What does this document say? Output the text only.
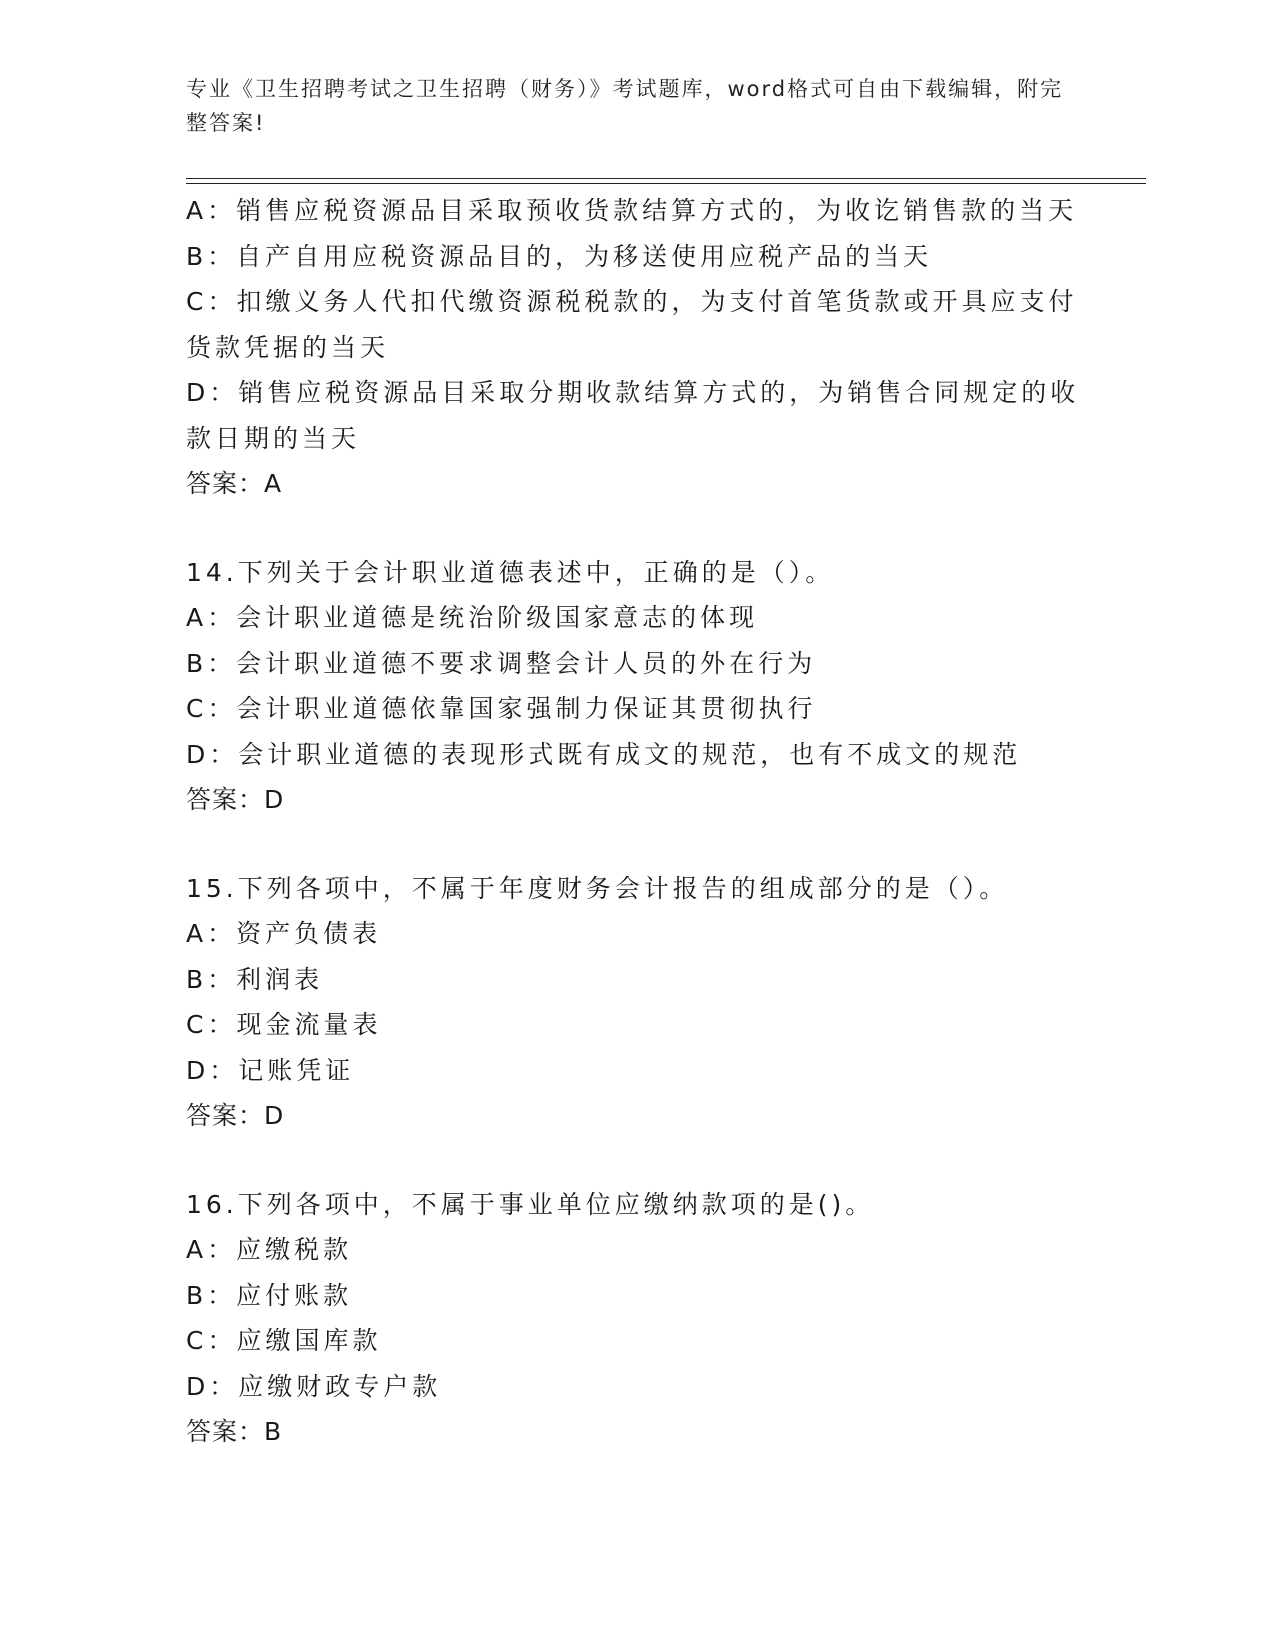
专业《卫生招聘考试之卫生招聘（财务）》考试题库，word格式可自由下载编辑，附完整答案!

A：销售应税资源品目采取预收货款结算方式的，为收讫销售款的当天

B：自产自用应税资源品目的，为移送使用应税产品的当天

C：扣缴义务人代扣代缴资源税税款的，为支付首笔货款或开具应支付货款凭据的当天

D：销售应税资源品目采取分期收款结算方式的，为销售合同规定的收款日期的当天

答案：A

14.下列关于会计职业道德表述中，正确的是（）。

A：会计职业道德是统治阶级国家意志的体现

B：会计职业道德不要求调整会计人员的外在行为

C：会计职业道德依靠国家强制力保证其贯彻执行

D：会计职业道德的表现形式既有成文的规范，也有不成文的规范

答案：D

15.下列各项中，不属于年度财务会计报告的组成部分的是（）。

A：资产负债表

B：利润表

C：现金流量表

D：记账凭证

答案：D

16.下列各项中，不属于事业单位应缴纳款项的是()。

A：应缴税款

B：应付账款

C：应缴国库款

D：应缴财政专户款

答案：B
